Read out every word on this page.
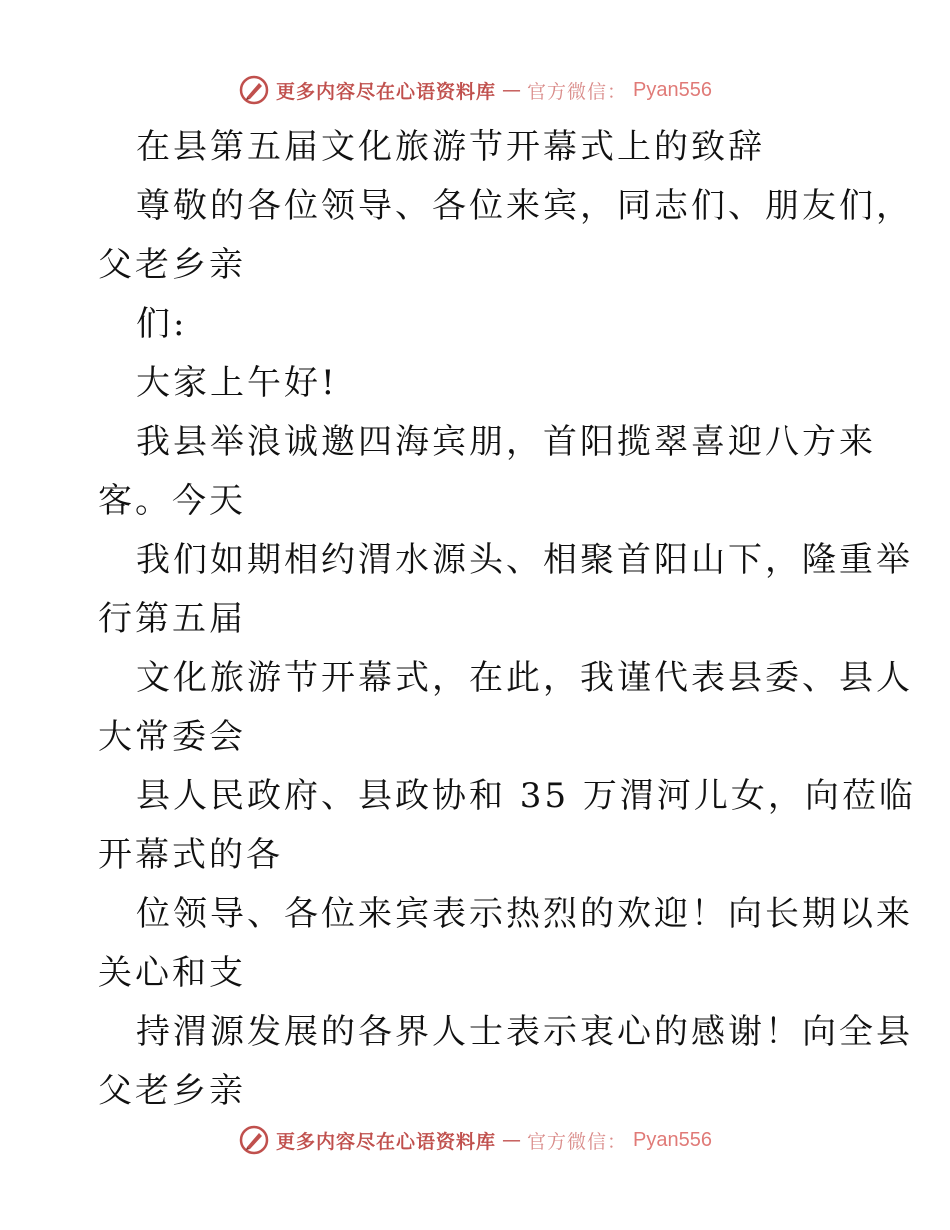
更多内容尽在心语资料库 — 官方微信： Pyan556
在县第五届文化旅游节开幕式上的致辞
尊敬的各位领导、各位来宾，同志们、朋友们，
父老乡亲
们:
大家上午好!
我县举浪诚邀四海宾朋，首阳揽翠喜迎八方来
客。今天
我们如期相约渭水源头、相聚首阳山下，隆重举
行第五届
文化旅游节开幕式，在此，我谨代表县委、县人
大常委会
县人民政府、县政协和 35 万渭河儿女，向莅临
开幕式的各
位领导、各位来宾表示热烈的欢迎！向长期以来
关心和支
持渭源发展的各界人士表示衷心的感谢！向全县
父老乡亲
更多内容尽在心语资料库 — 官方微信： Pyan556
